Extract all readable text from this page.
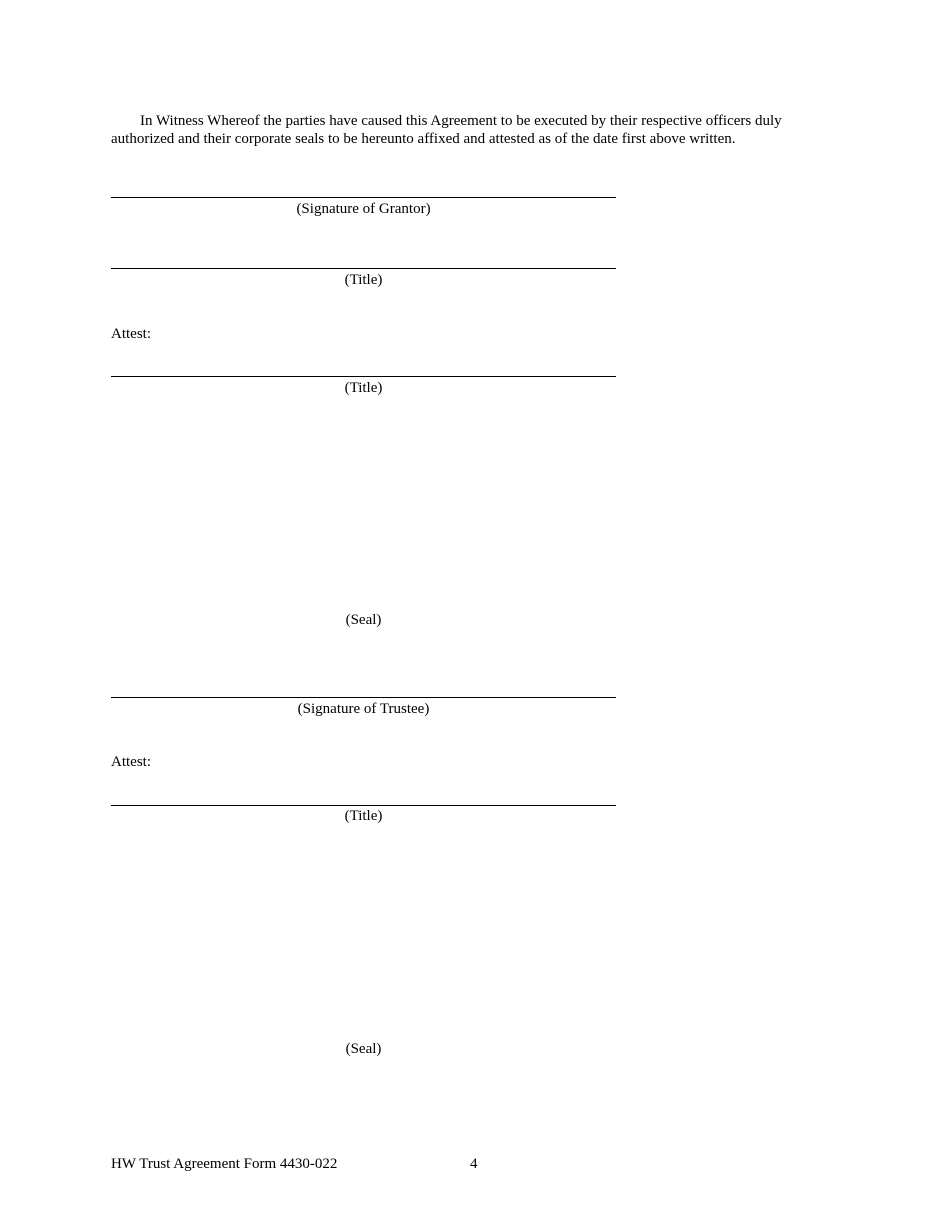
In Witness Whereof the parties have caused this Agreement to be executed by their respective officers duly authorized and their corporate seals to be hereunto affixed and attested as of the date first above written.
(Signature of Grantor)
(Title)
Attest:
(Title)
(Seal)
(Signature of Trustee)
Attest:
(Title)
(Seal)
HW Trust Agreement Form 4430-022	4
